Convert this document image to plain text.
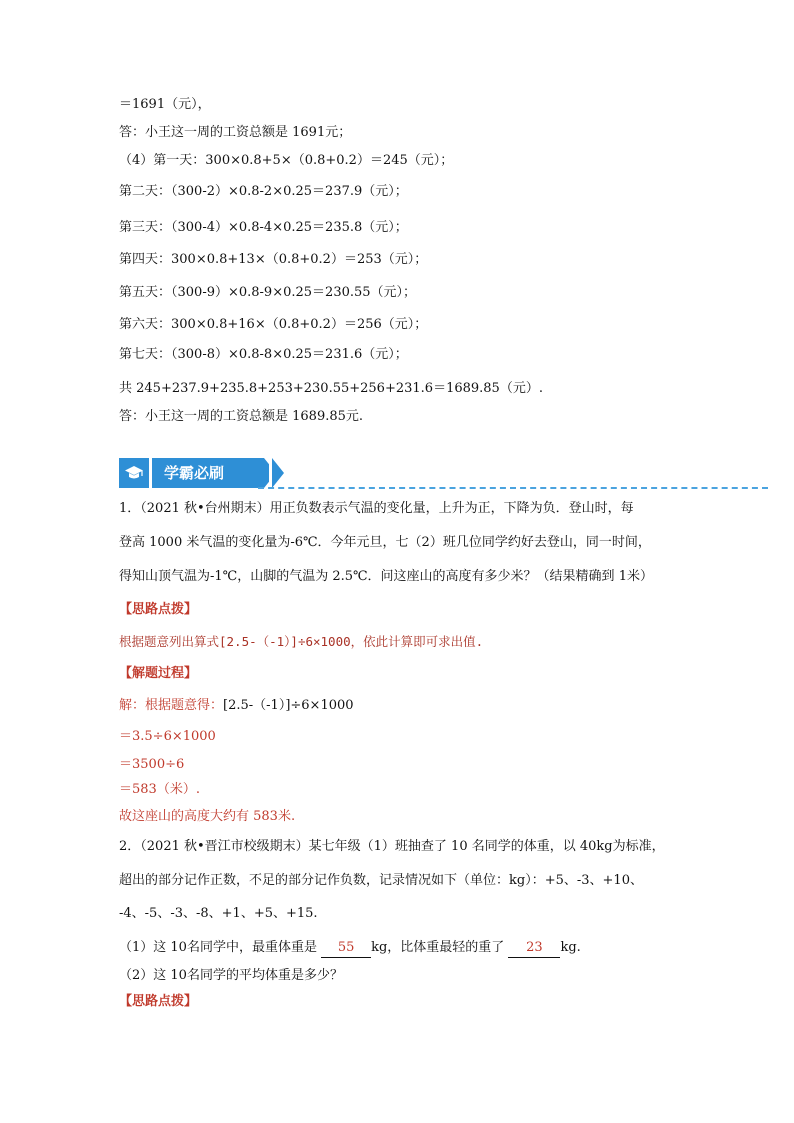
＝1691（元），
答：小王这一周的工资总额是 1691元；
（4）第一天：300×0.8+5×（0.8+0.2）＝245（元）；
第二天：（300-2）×0.8-2×0.25＝237.9（元）；
第三天：（300-4）×0.8-4×0.25＝235.8（元）；
第四天：300×0.8+13×（0.8+0.2）＝253（元）；
第五天：（300-9）×0.8-9×0.25＝230.55（元）；
第六天：300×0.8+16×（0.8+0.2）＝256（元）；
第七天：（300-8）×0.8-8×0.25＝231.6（元）；
共 245+237.9+235.8+253+230.55+256+231.6＝1689.85（元）.
答：小王这一周的工资总额是 1689.85元.
学霸必刷
1．（2021 秋•台州期末）用正负数表示气温的变化量，上升为正，下降为负．登山时，每
登高 1000 米气温的变化量为-6℃．今年元旦，七（2）班几位同学约好去登山，同一时间，
得知山顶气温为-1℃，山脚的气温为 2.5℃．问这座山的高度有多少米？（结果精确到 1米）
【思路点拨】
根据题意列出算式[2.5-（-1）]÷6×1000，依此计算即可求出值.
【解题过程】
解：根据题意得：[2.5-（-1）]÷6×1000
＝3.5÷6×1000
＝3500÷6
＝583（米）.
故这座山的高度大约有 583米.
2．（2021 秋•晋江市校级期末）某七年级（1）班抽查了 10 名同学的体重，以 40kg为标准，
超出的部分记作正数，不足的部分记作负数，记录情况如下（单位：kg）：+5、-3、+10、
-4、-5、-3、-8、+1、+5、+15.
（1）这 10名同学中，最重体重是 55 kg，比体重最轻的重了 23 kg.
（2）这 10名同学的平均体重是多少？
【思路点拨】
